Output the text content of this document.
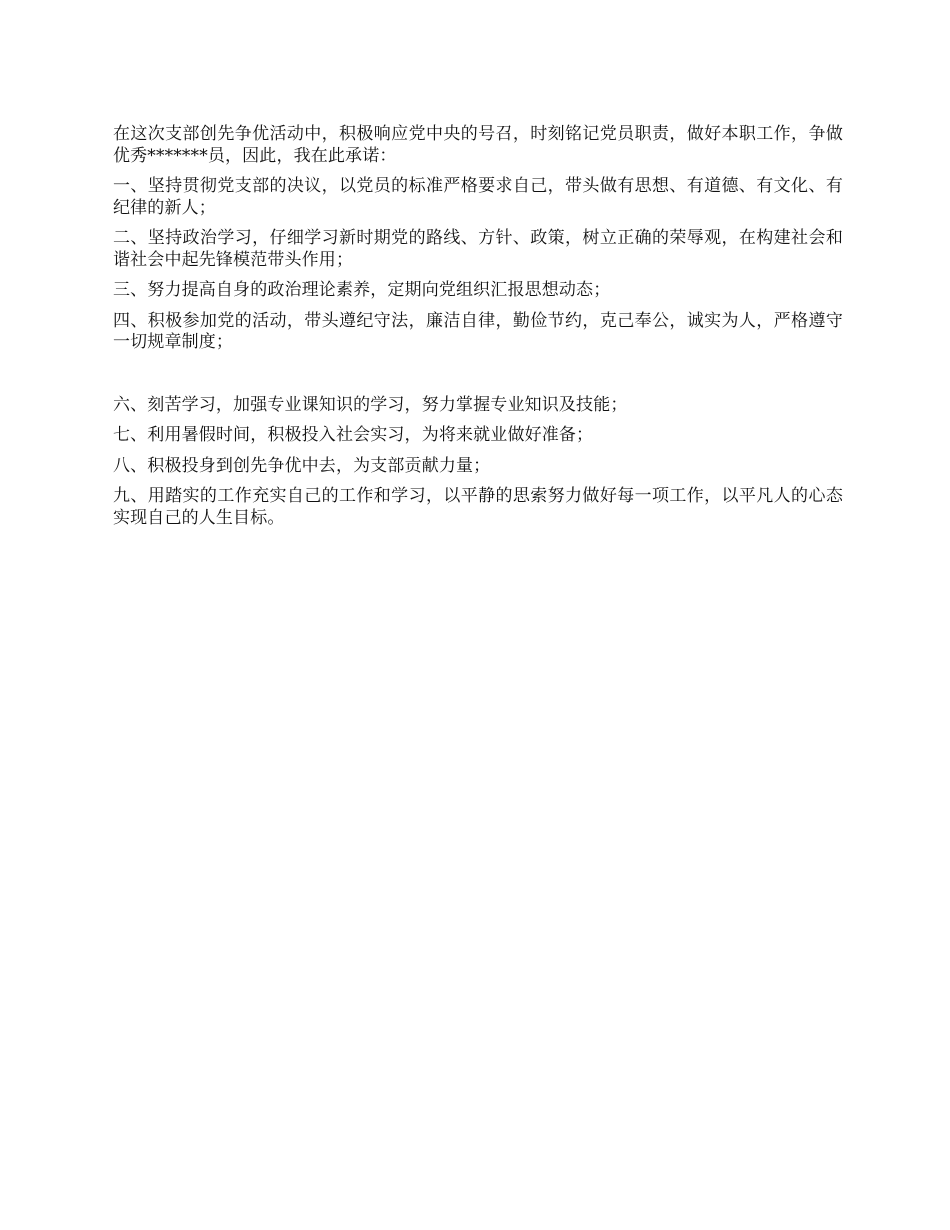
在这次支部创先争优活动中，积极响应党中央的号召，时刻铭记党员职责，做好本职工作，争做优秀*******员，因此，我在此承诺：

一、坚持贯彻党支部的决议，以党员的标准严格要求自己，带头做有思想、有道德、有文化、有纪律的新人；

二、坚持政治学习，仔细学习新时期党的路线、方针、政策，树立正确的荣辱观，在构建社会和谐社会中起先锋模范带头作用；

三、努力提高自身的政治理论素养，定期向党组织汇报思想动态；

四、积极参加党的活动，带头遵纪守法，廉洁自律，勤俭节约，克己奉公，诚实为人，严格遵守一切规章制度；

六、刻苦学习，加强专业课知识的学习，努力掌握专业知识及技能；

七、利用暑假时间，积极投入社会实习，为将来就业做好准备；

八、积极投身到创先争优中去，为支部贡献力量；

九、用踏实的工作充实自己的工作和学习，以平静的思索努力做好每一项工作，以平凡人的心态实现自己的人生目标。
